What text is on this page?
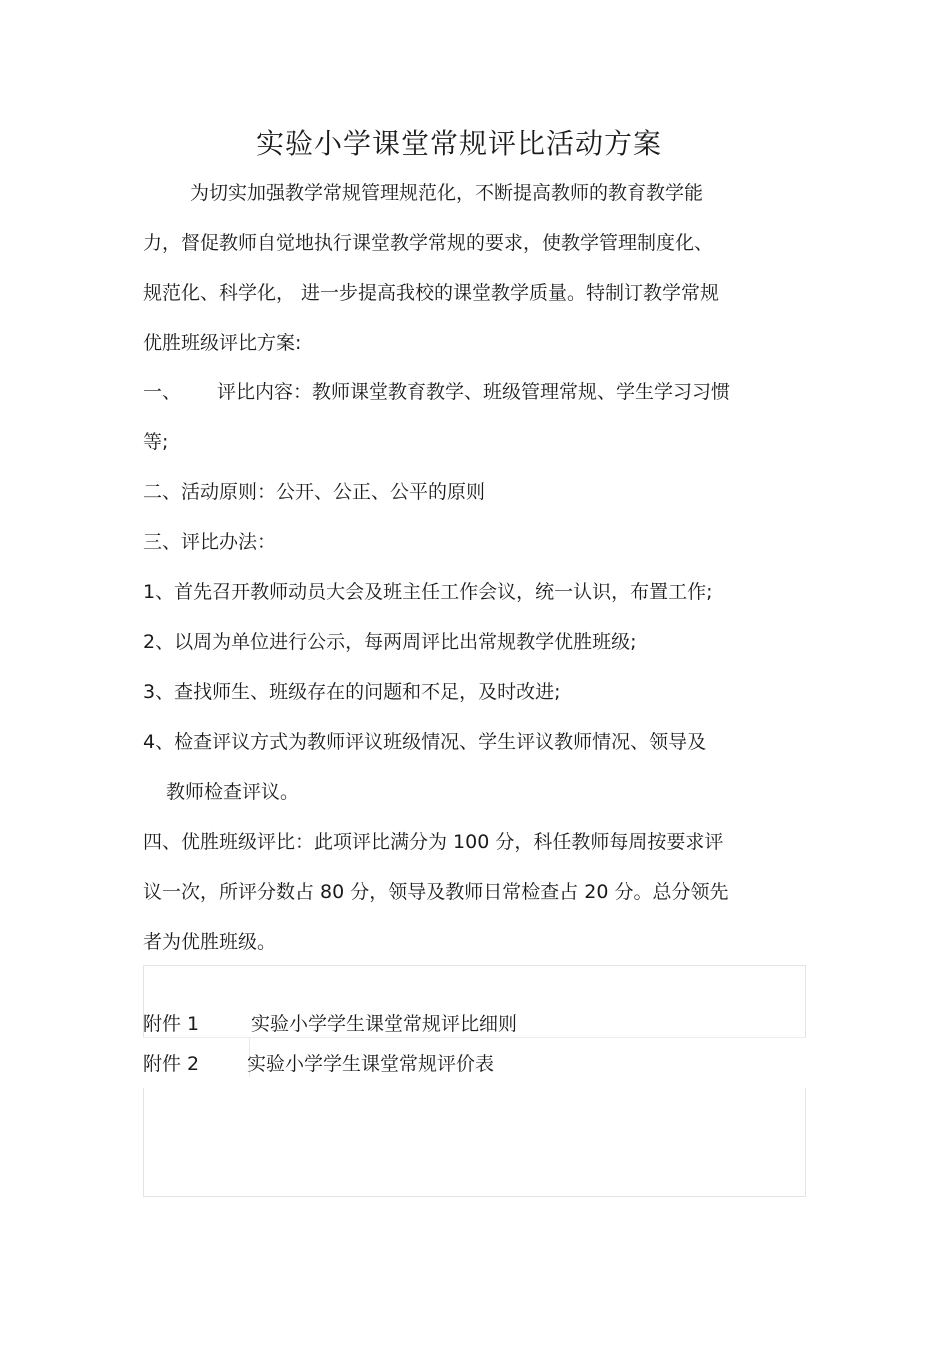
实验小学课堂常规评比活动方案
为切实加强教学常规管理规范化，不断提高教师的教育教学能
力，督促教师自觉地执行课堂教学常规的要求，使教学管理制度化、
规范化、科学化， 进一步提高我校的课堂教学质量。特制订教学常规
优胜班级评比方案:
一、 评比内容：教师课堂教育教学、班级管理常规、学生学习习惯
等;
二、活动原则：公开、公正、公平的原则
三、评比办法：
1、首先召开教师动员大会及班主任工作会议，统一认识，布置工作;
2、以周为单位进行公示，每两周评比出常规教学优胜班级;
3、查找师生、班级存在的问题和不足，及时改进;
4、检查评议方式为教师评议班级情况、学生评议教师情况、领导及
教师检查评议。
四、优胜班级评比：此项评比满分为 100 分，科任教师每周按要求评
议一次，所评分数占 80 分，领导及教师日常检查占 20 分。总分领先
者为优胜班级。
附件 1	实验小学学生课堂常规评比细则
附件 2	实验小学学生课堂常规评价表
